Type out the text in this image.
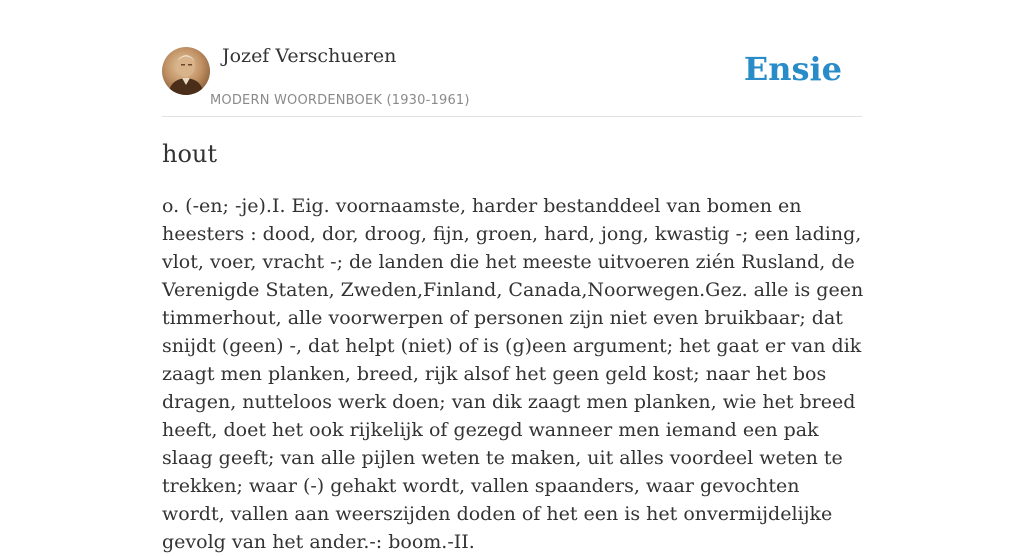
Jozef Verschueren
MODERN WOORDENBOEK (1930-1961)
Ensie
hout

o. (-en; -je).I. Eig. voornaamste, harder bestanddeel van bomen en heesters : dood, dor, droog, fijn, groen, hard, jong, kwastig -; een lading, vlot, voer, vracht -; de landen die het meeste uitvoeren zién Rusland, de Verenigde Staten, Zweden,Finland, Canada,Noorwegen.Gez. alle is geen timmerhout, alle voorwerpen of personen zijn niet even bruikbaar; dat snijdt (geen) -, dat helpt (niet) of is (g)een argument; het gaat er van dik zaagt men planken, breed, rijk alsof het geen geld kost; naar het bos dragen, nutteloos werk doen; van dik zaagt men planken, wie het breed heeft, doet het ook rijkelijk of gezegd wanneer men iemand een pak slaag geeft; van alle pijlen weten te maken, uit alles voordeel weten te trekken; waar (-) gehakt wordt, vallen spaanders, waar gevochten wordt, vallen aan weerszijden doden of het een is het onvermijdelijke gevolg van het ander.-: boom.-II.
